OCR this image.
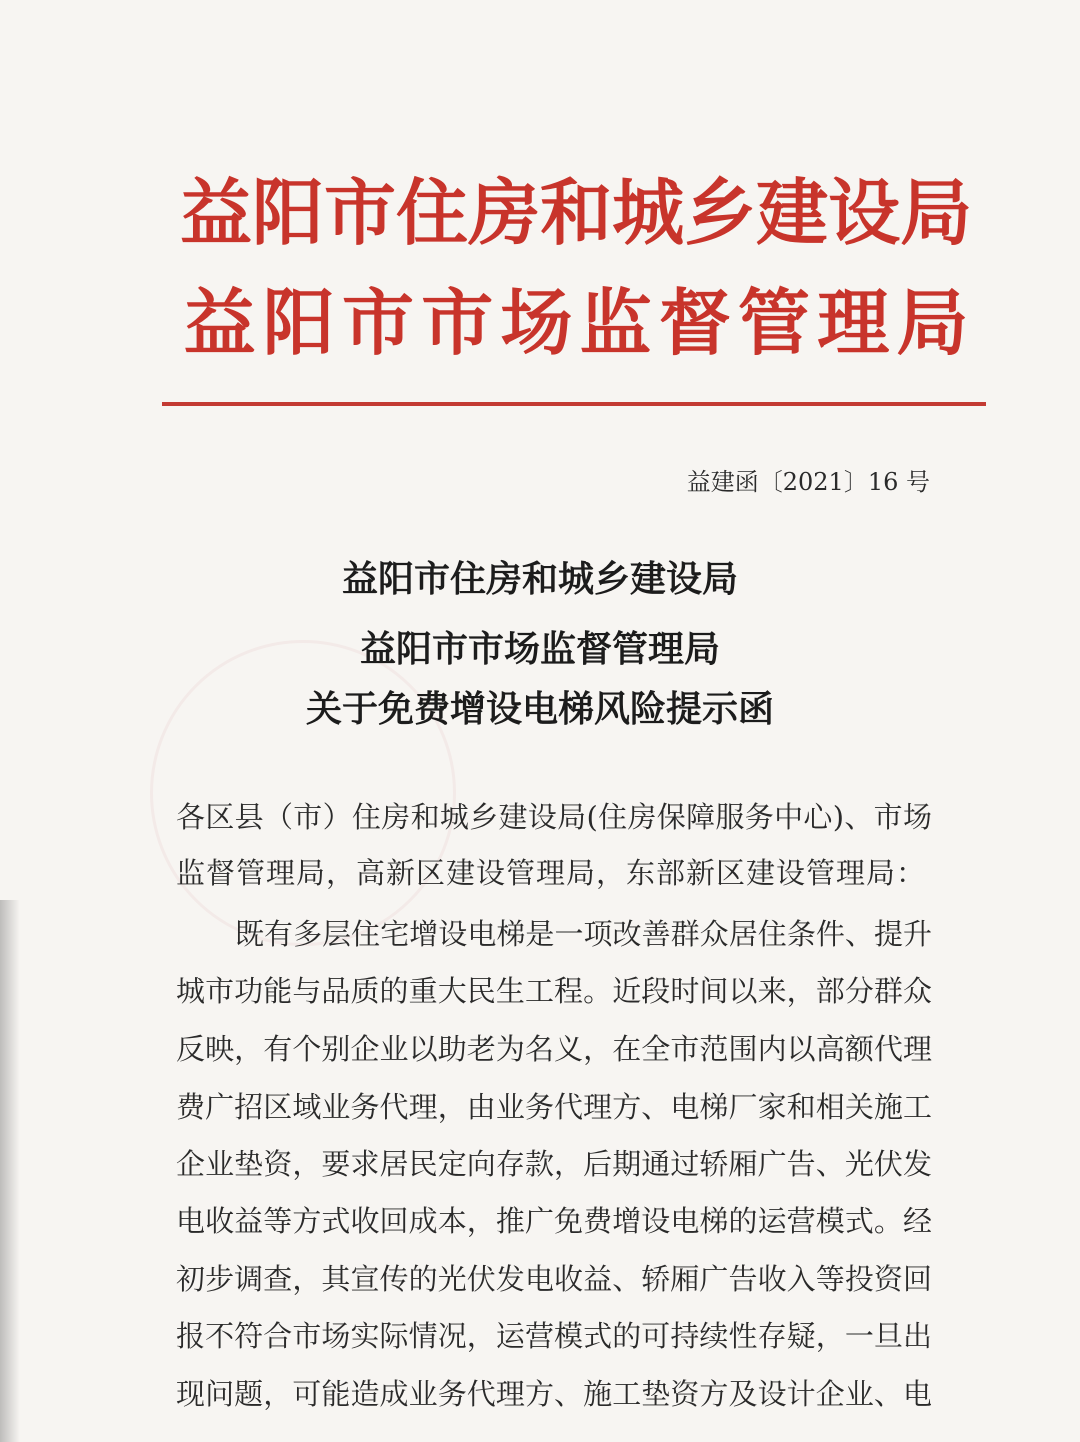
益 阳 市 住 房 和 城 乡 建 设 局
益 阳 市 市 场 监 督 管 理 局
益建函〔2021〕16 号
益阳市住房和城乡建设局
益阳市市场监督管理局
关于免费增设电梯风险提示函
各区县（市）住房和城乡建设局(住房保障服务中心)、市场
监督管理局，高新区建设管理局，东部新区建设管理局：
既有多层住宅增设电梯是一项改善群众居住条件、提升
城市功能与品质的重大民生工程。近段时间以来，部分群众
反映，有个别企业以助老为名义，在全市范围内以高额代理
费广招区域业务代理，由业务代理方、电梯厂家和相关施工
企业垫资，要求居民定向存款，后期通过轿厢广告、光伏发
电收益等方式收回成本，推广免费增设电梯的运营模式。经
初步调查，其宣传的光伏发电收益、轿厢广告收入等投资回
报不符合市场实际情况，运营模式的可持续性存疑，一旦出
现问题，可能造成业务代理方、施工垫资方及设计企业、电
